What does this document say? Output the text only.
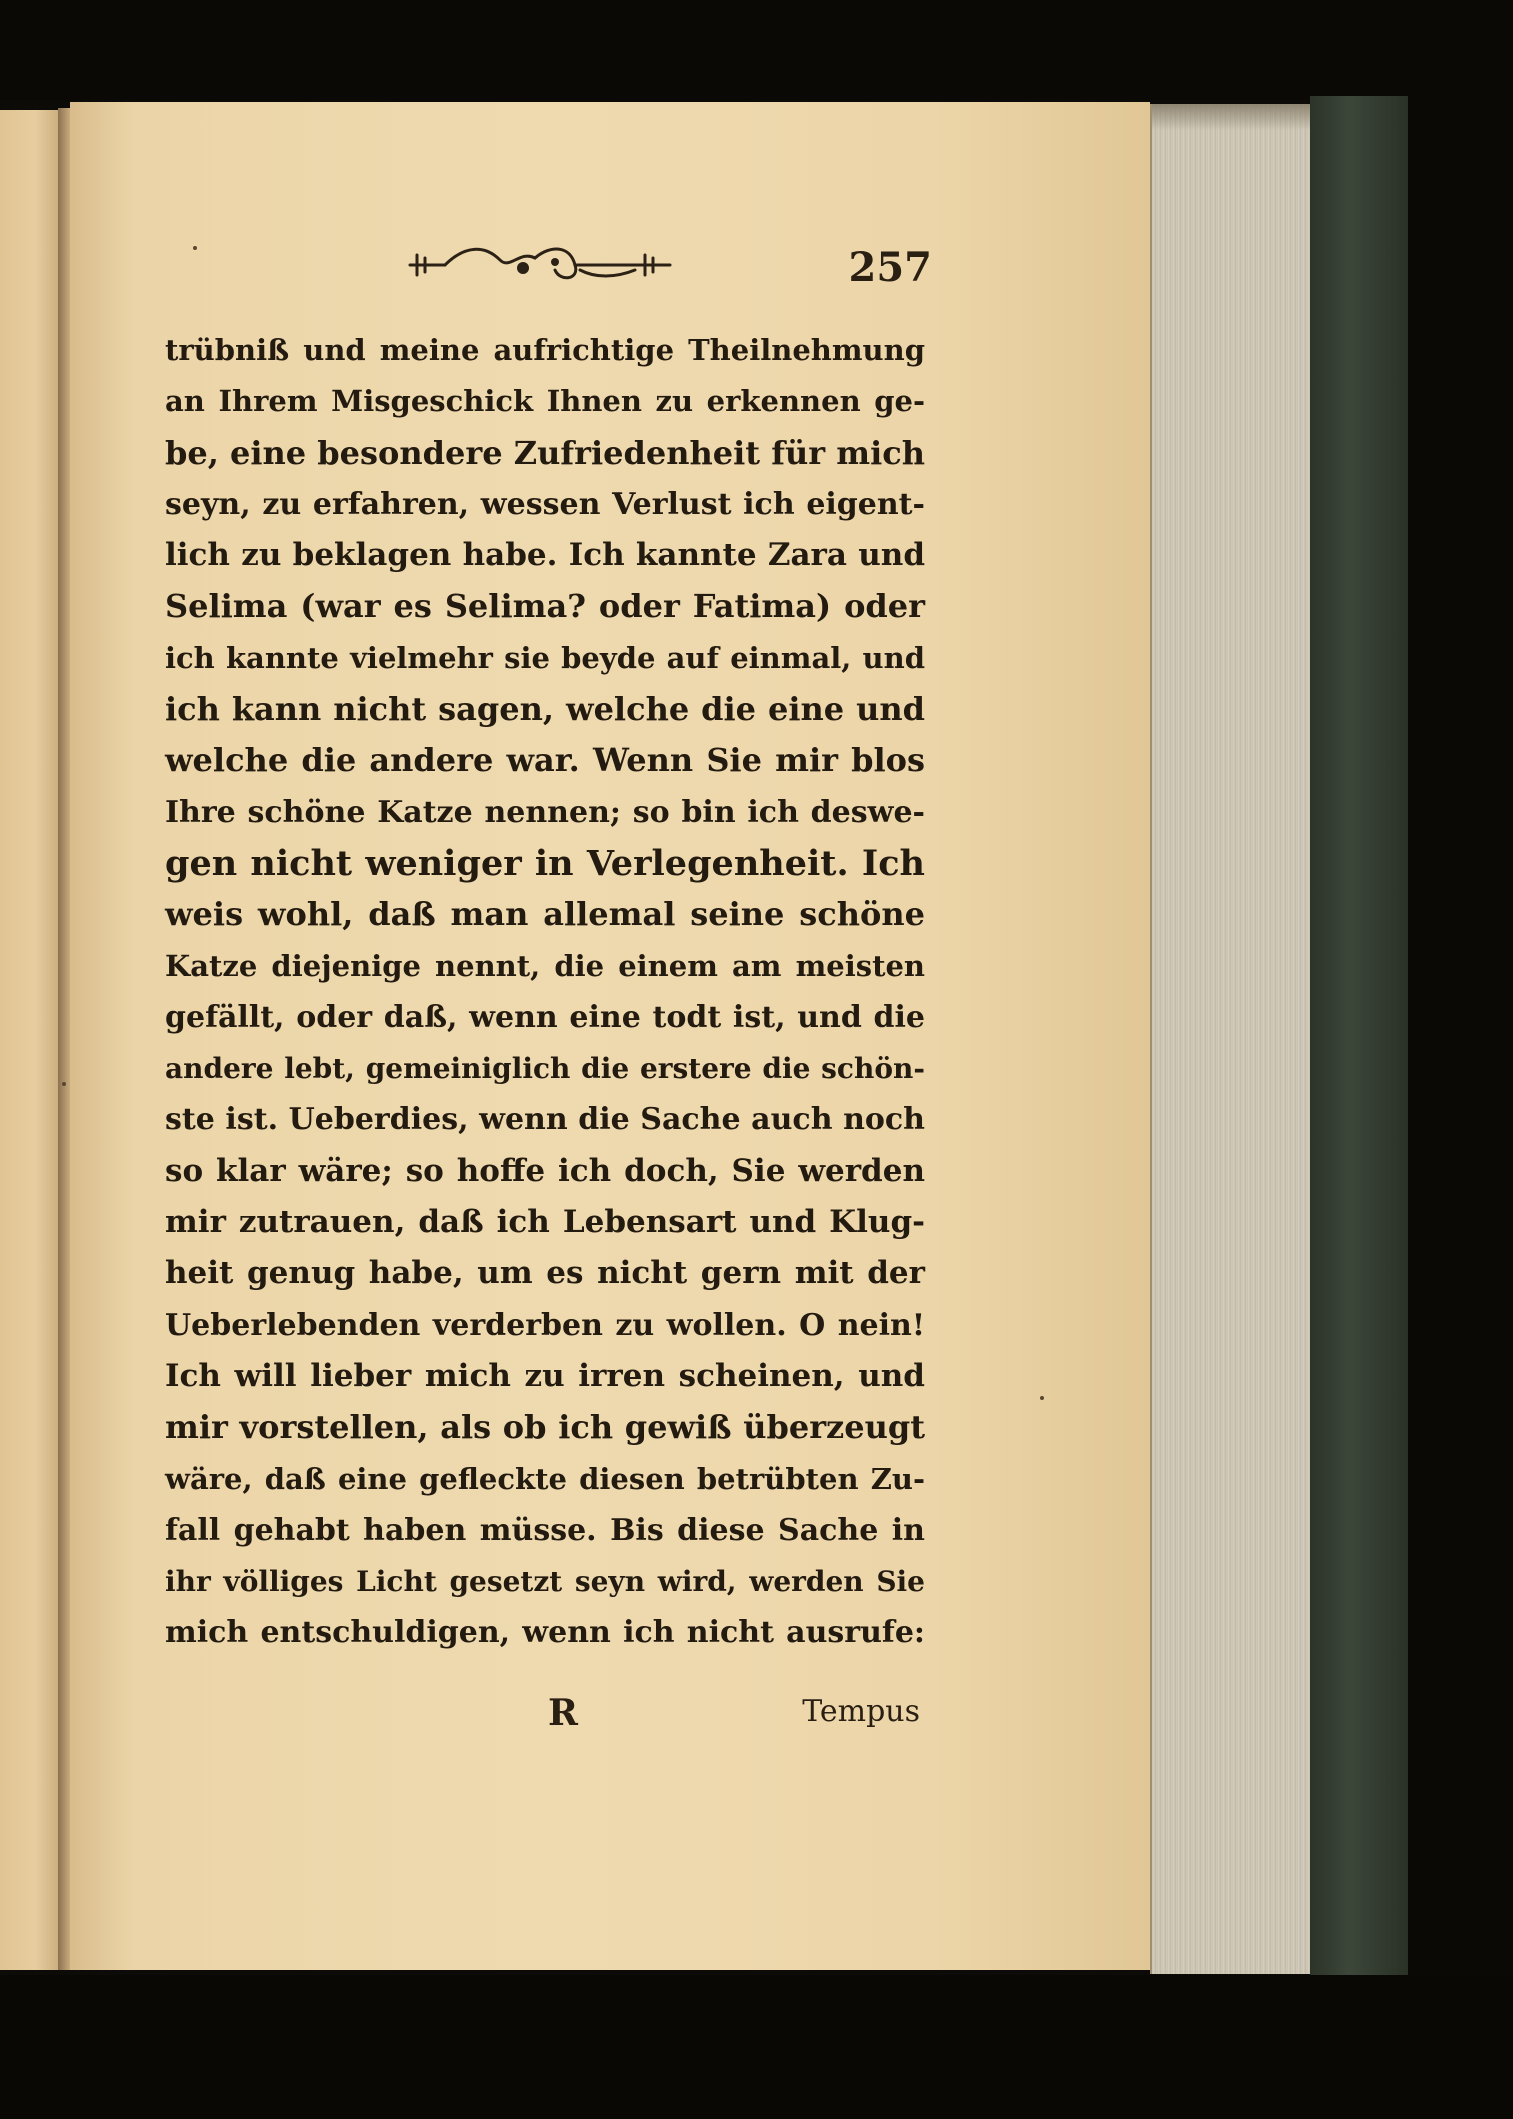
257
trübniß und meine aufrichtige Theilnehmung
an Ihrem Misgeschick Ihnen zu erkennen ge-
be, eine besondere Zufriedenheit für mich
seyn, zu erfahren, wessen Verlust ich eigent-
lich zu beklagen habe. Ich kannte Zara und
Selima (war es Selima? oder Fatima) oder
ich kannte vielmehr sie beyde auf einmal, und
ich kann nicht sagen, welche die eine und
welche die andere war. Wenn Sie mir blos
Ihre schöne Katze nennen; so bin ich deswe-
gen nicht weniger in Verlegenheit. Ich
weis wohl, daß man allemal seine schöne
Katze diejenige nennt, die einem am meisten
gefällt, oder daß, wenn eine todt ist, und die
andere lebt, gemeiniglich die erstere die schön-
ste ist. Ueberdies, wenn die Sache auch noch
so klar wäre; so hoffe ich doch, Sie werden
mir zutrauen, daß ich Lebensart und Klug-
heit genug habe, um es nicht gern mit der
Ueberlebenden verderben zu wollen. O nein!
Ich will lieber mich zu irren scheinen, und
mir vorstellen, als ob ich gewiß überzeugt
wäre, daß eine gefleckte diesen betrübten Zu-
fall gehabt haben müsse. Bis diese Sache in
ihr völliges Licht gesetzt seyn wird, werden Sie
mich entschuldigen, wenn ich nicht ausrufe:
R	Tempus
